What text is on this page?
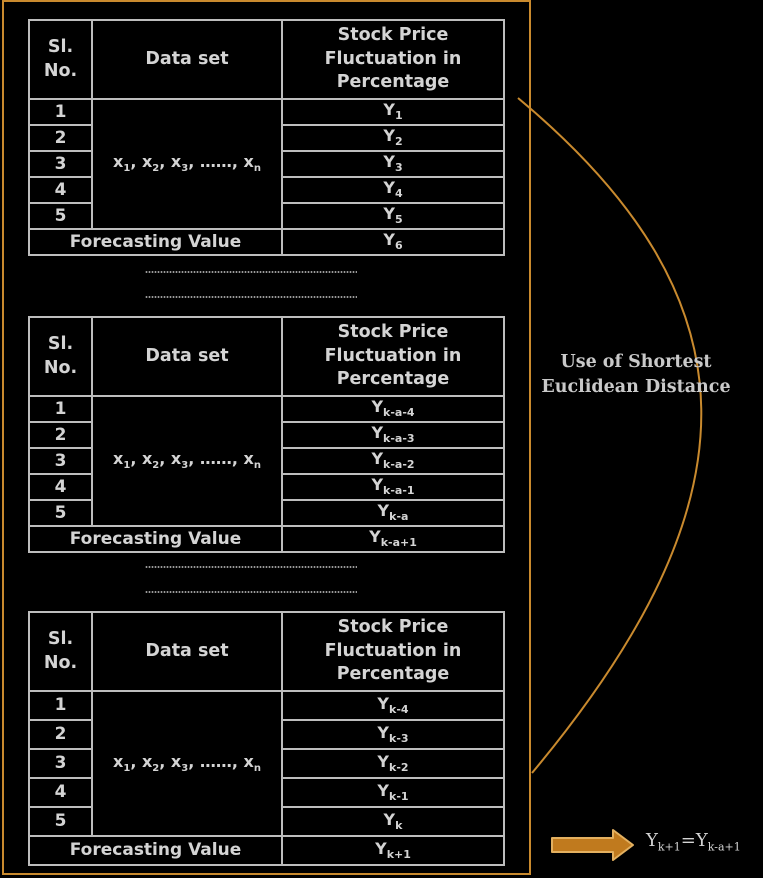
Sl. No.	Data set	Stock Price Fluctuation in Percentage
1	$x_1$, $x_2$, $x_3$, ……, $x_n$	$Y_1$
2		$Y_2$
3		$Y_3$
4		$Y_4$
5		$Y_5$
Forecasting Value		$Y_6$
Sl. No.	Data set	Stock Price Fluctuation in Percentage
1	$x_1$, $x_2$, $x_3$, ……, $x_n$	$Y_{k-a-4}$
2		$Y_{k-a-3}$
3		$Y_{k-a-2}$
4		$Y_{k-a-1}$
5		$Y_{k-a}$
Forecasting Value		$Y_{k-a+1}$
Sl. No.	Data set	Stock Price Fluctuation in Percentage
1	$x_1$, $x_2$, $x_3$, ……, $x_n$	$Y_{k-4}$
2		$Y_{k-3}$
3		$Y_{k-2}$
4		$Y_{k-1}$
5		$Y_k$
Forecasting Value		$Y_{k+1}$
Use of Shortest
Euclidean Distance
$Y_{k+1}=Y_{k-a+1}$
